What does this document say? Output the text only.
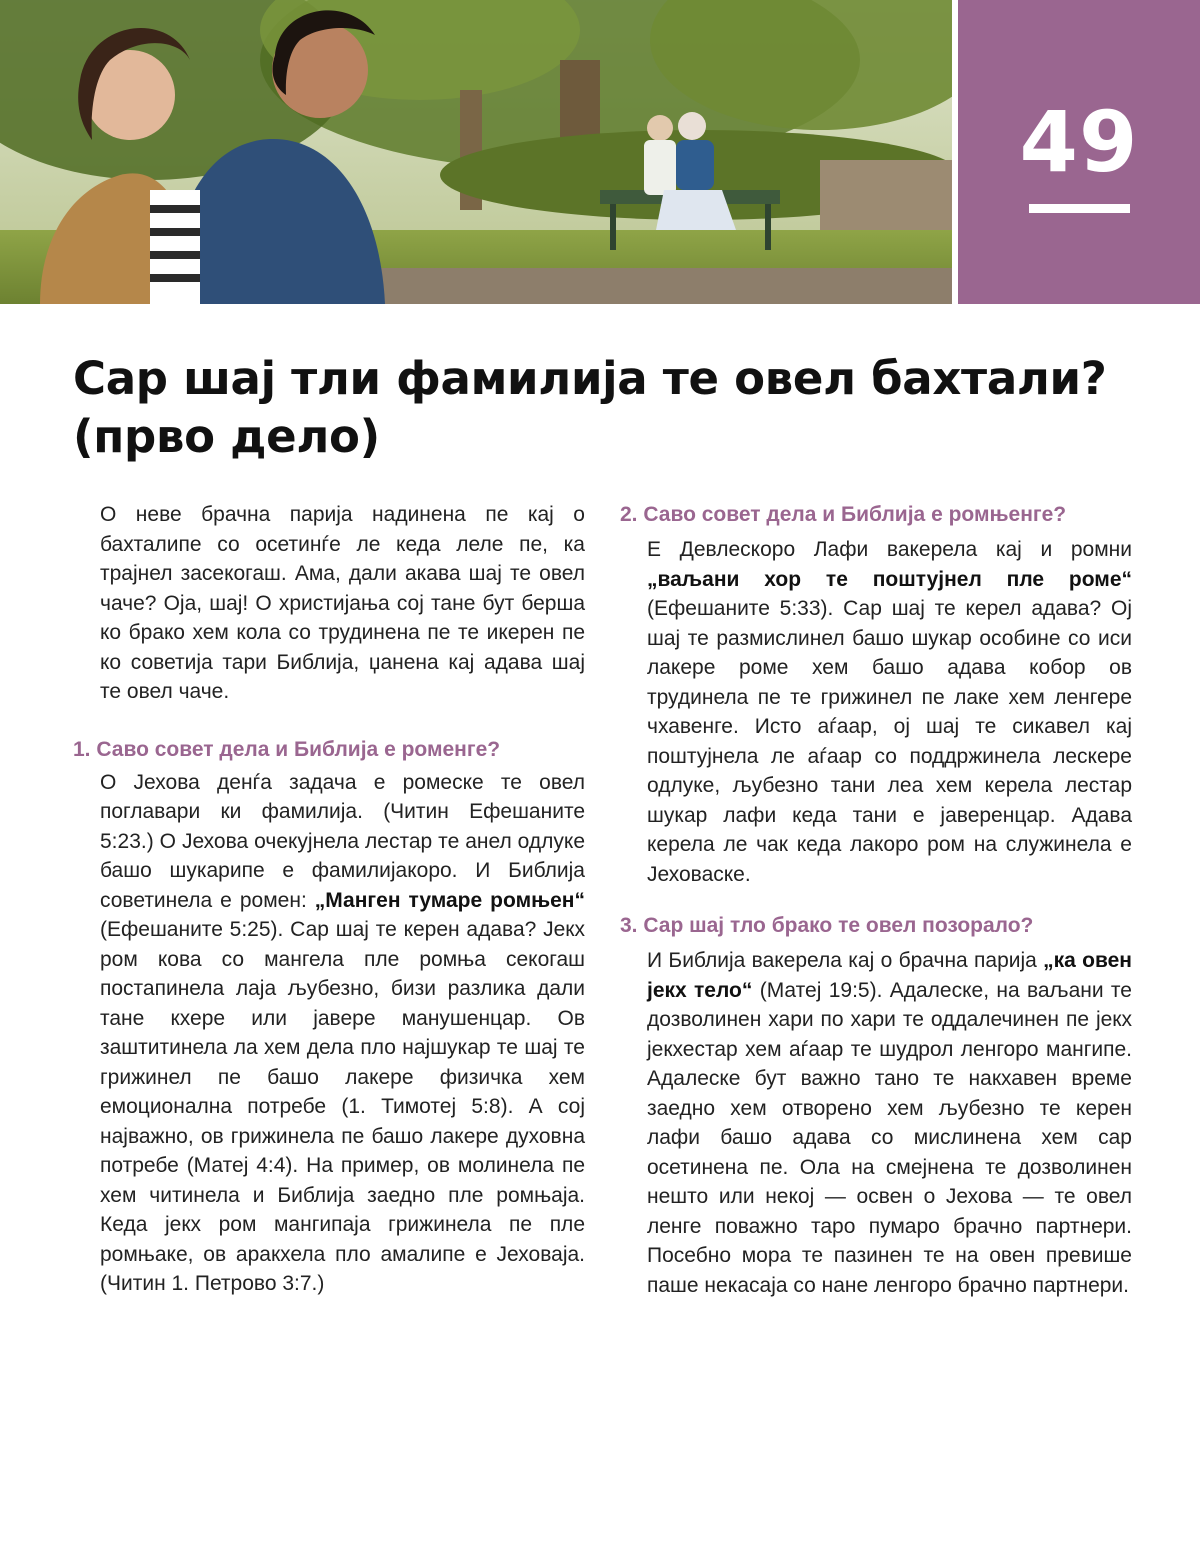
49
Сар шај тли фамилија те овел бахтали?
(прво дело)

О неве брачна парија надинена пе кај о бахталипе со осетинѓе ле кеда леле пе, ка трајнел засекогаш. Ама, дали акава шај те овел чаче? Оја, шај! О христијања сој тане бут берша ко бракo хем кола со трудинена пе те икерен пе ко советија тари Библија, џанена кај адава шај те овел чаче.

1. Саво совет дела и Библија е роменге?

О Јехова денѓа задача е ромеске те овел поглавари ки фамилија. (Читин Ефешаните 5:23.) О Јехова очекујнела лестар те анел одлуке башо шукарипе е фамилијакоро. И Библија советинела е ромен: „Манген тумаре ромњен“ (Ефешаните 5:25). Сар шај те керен адава? Јекх ром кова со мангела пле ромња секогаш постапинела лаја љубезно, бизи разлика дали тане кхере или јавере манушенцар. Ов заштитинела ла хем дела пло најшукар те шај те грижинел пе башо лакере физичка хем емоционална потребе (1. Тимотеј 5:8). А сој најважно, ов грижинела пе башо лакере духовна потребе (Матеј 4:4). На пример, ов молинела пе хем читинела и Библија заедно пле ромњаја. Кеда јекх ром мангипаја грижинела пе пле ромњаке, ов аракхела пло амалипе е Јеховаја. (Читин 1. Петрово 3:7.)

2. Саво совет дела и Библија е ромњенге?

Е Девлескоро Лафи вакерела кај и ромни „ваљани хор те поштујнел пле роме“ (Ефешаните 5:33). Сар шај те керел адава? Ој шај те размислинел башо шукар особине со иси лакере роме хем башо адава кобор ов трудинела пе те грижинел пе лаке хем ленгере чхавенге. Исто аѓаар, ој шај те сикавел кај поштујнела ле аѓаар со поддржинела лескере одлуке, љубезно тани леа хем керела лестар шукар лафи кеда тани е јаверенцар. Адава керела ле чак кеда лакоро ром на служинела е Јеховаске.

3. Сар шај тло брако те овел позорало?

И Библија вакерела кај о брачна парија „ка овен јекх тело“ (Матеј 19:5). Адалеске, на ваљани те дозволинен хари по хари те оддалечинен пе јекх јекхестар хем аѓаар те шудрол ленгоро мангипе. Адалеске бут важно тано те накхавен време заедно хем отворено хем љубезно те керен лафи башо адава со мислинена хем сар осетинена пе. Ола на смејнена те дозволинен нешто или некој — освен о Јехова — те овел ленге поважно таро пумаро брачно партнери. Посебно мора те пазинен те на овен превише паше некасаја со нане ленгоро брачно партнери.
